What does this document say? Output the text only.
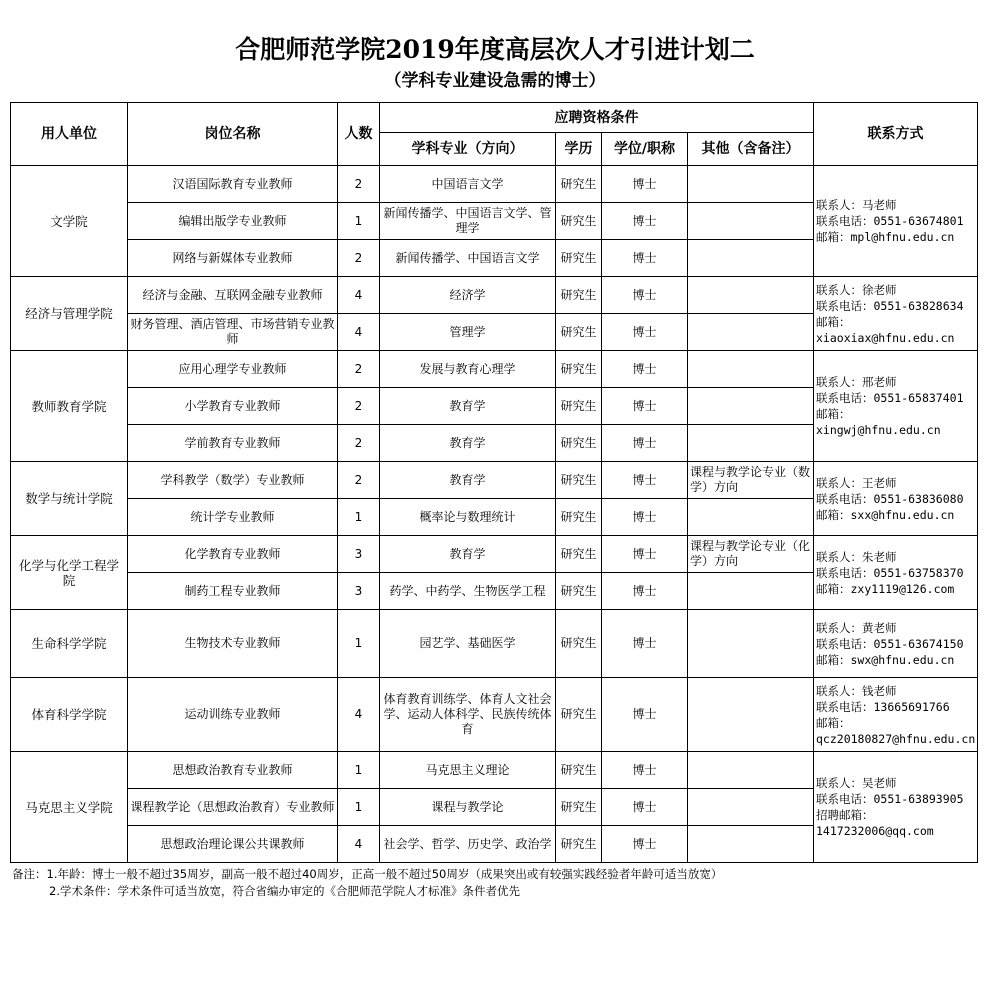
合肥师范学院2019年度高层次人才引进计划二
（学科专业建设急需的博士）
用人单位	岗位名称	人数	应聘资格条件				联系方式
			学科专业（方向）	学历	学位/职称	其他（含备注）	
文学院	汉语国际教育专业教师	2	中国语言文学	研究生	博士		联系人：马老师
联系电话：0551-63674801
邮箱：mpl@hfnu.edu.cn

	编辑出版学专业教师	1	新闻传播学、中国语言文学、管理学	研究生	博士		
	网络与新媒体专业教师	2	新闻传播学、中国语言文学	研究生	博士		
经济与管理学院	经济与金融、互联网金融专业教师	4	经济学	研究生	博士		联系人：徐老师
联系电话：0551-63828634
邮箱：
xiaoxiax@hfnu.edu.cn

	财务管理、酒店管理、市场营销专业教师	4	管理学	研究生	博士		
教师教育学院	应用心理学专业教师	2	发展与教育心理学	研究生	博士		联系人：邢老师
联系电话：0551-65837401
邮箱：
xingwj@hfnu.edu.cn

	小学教育专业教师	2	教育学	研究生	博士		
	学前教育专业教师	2	教育学	研究生	博士		
数学与统计学院	学科教学（数学）专业教师	2	教育学	研究生	博士	课程与教学论专业（数学）方向	联系人：王老师
联系电话：0551-63836080
邮箱：sxx@hfnu.edu.cn

	统计学专业教师	1	概率论与数理统计	研究生	博士		
化学与化学工程学院	化学教育专业教师	3	教育学	研究生	博士	课程与教学论专业（化学）方向	联系人：朱老师
联系电话：0551-63758370
邮箱：zxy1119@126.com

	制药工程专业教师	3	药学、中药学、生物医学工程	研究生	博士		
生命科学学院	生物技术专业教师	1	园艺学、基础医学	研究生	博士		联系人：黄老师
联系电话：0551-63674150
邮箱：swx@hfnu.edu.cn

体育科学学院	运动训练专业教师	4	体育教育训练学、体育人文社会学、运动人体科学、民族传统体育	研究生	博士		联系人：钱老师
联系电话：13665691766
邮箱：
qcz20180827@hfnu.edu.cn

马克思主义学院	思想政治教育专业教师	1	马克思主义理论	研究生	博士		联系人：吴老师
联系电话：0551-63893905
招聘邮箱：
1417232006@qq.com

	课程教学论（思想政治教育）专业教师	1	课程与教学论	研究生	博士		
	思想政治理论课公共课教师	4	社会学、哲学、历史学、政治学	研究生	博士		
备注：1.年龄：博士一般不超过35周岁，副高一般不超过40周岁，正高一般不超过50周岁（成果突出或有较强实践经验者年龄可适当放宽）
2.学术条件：学术条件可适当放宽，符合省编办审定的《合肥师范学院人才标准》条件者优先
